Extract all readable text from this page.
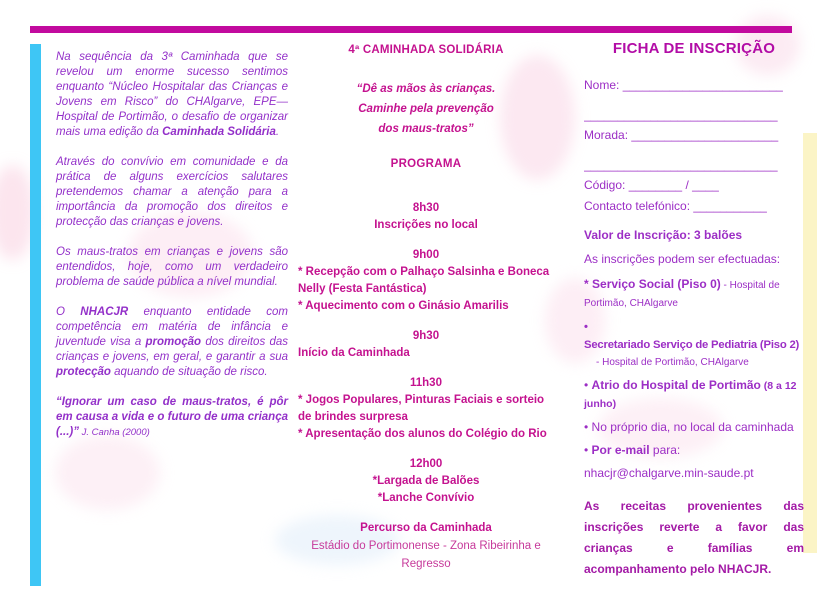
Na sequência da 3ª Caminhada que se revelou um enorme sucesso sentimos enquanto “Núcleo Hospitalar das Crianças e Jovens em Risco” do CHAlgarve, EPE—Hospital de Portimão, o desafio de organizar mais uma edição da Caminhada Solidária.

Através do convívio em comunidade e da prática de alguns exercícios salutares pretendemos chamar a atenção para a importância da promoção dos direitos e protecção das crianças e jovens.

Os maus-tratos em crianças e jovens são entendidos, hoje, como um verdadeiro problema de saúde pública a nível mundial.

O NHACJR enquanto entidade com competência em matéria de infância e juventude visa a promoção dos direitos das crianças e jovens, em geral, e garantir a sua protecção aquando de situação de risco.

“Ignorar um caso de maus-tratos, é pôr em causa a vida e o futuro de uma criança (...)” J. Canha (2000)

4ª CAMINHADA SOLIDÁRIA
“Dê as mãos às crianças.
Caminhe pela prevenção
dos maus-tratos”
PROGRAMA
8h30
Inscrições no local
9h00
* Recepção com o Palhaço Salsinha e Boneca Nelly (Festa Fantástica)
* Aquecimento com o Ginásio Amarilis
9h30
Início da Caminhada
11h30
* Jogos Populares, Pinturas Faciais e sorteio de brindes surpresa
* Apresentação dos alunos do Colégio do Rio
12h00
*Largada de Balões
*Lanche Convívio
Percurso da Caminhada
Estádio do Portimonense - Zona Ribeirinha e Regresso
FICHA DE INSCRIÇÃO
Nome: ________________________
_____________________________
Morada: ______________________
_____________________________
Código: ________ / ____
Contacto telefónico: ___________
Valor de Inscrição: 3 balões
As inscrições podem ser efectuadas:
* Serviço Social (Piso 0) - Hospital de Portimão, CHAlgarve
• Secretariado Serviço de Pediatria (Piso 2)
- Hospital de Portimão, CHAlgarve
• Atrio do Hospital de Portimão (8 a 12 junho)
• No próprio dia, no local da caminhada
• Por e-mail para:
nhacjr@chalgarve.min-saude.pt
As receitas provenientes das inscrições reverte a favor das crianças e famílias em acompanhamento pelo NHACJR.
